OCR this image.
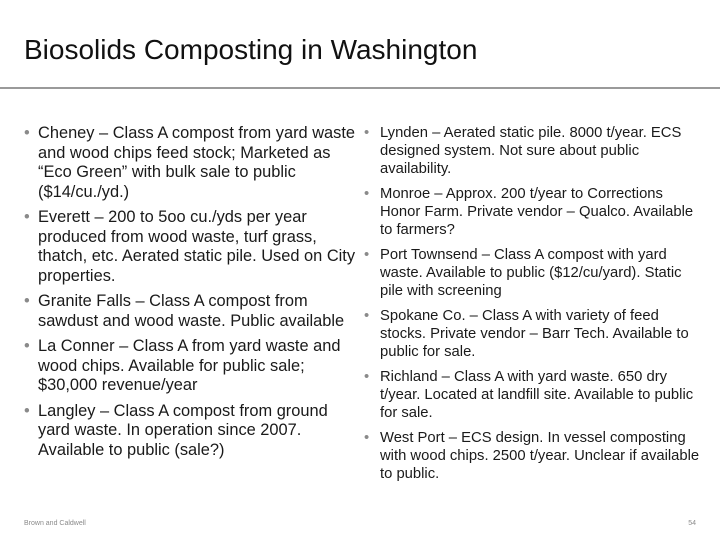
Biosolids Composting in Washington
• Cheney – Class A compost from yard waste and wood chips feed stock; Marketed as “Eco Green” with bulk sale to public ($14/cu./yd.)
• Everett – 200 to 5oo cu./yds per year produced from wood waste, turf grass, thatch, etc. Aerated static pile. Used on City properties.
• Granite Falls – Class A compost from sawdust and wood waste. Public available
• La Conner – Class A from yard waste and wood chips. Available for public sale; $30,000 revenue/year
• Langley – Class A compost from ground yard waste. In operation since 2007. Available to public (sale?)
• Lynden – Aerated static pile. 8000 t/year. ECS designed system. Not sure about public availability.
• Monroe – Approx. 200 t/year to Corrections Honor Farm. Private vendor – Qualco. Available to farmers?
• Port Townsend – Class A compost with yard waste. Available to public ($12/cu/yard). Static pile with screening
• Spokane Co. – Class A with variety of feed stocks. Private vendor – Barr Tech. Available to public for sale.
• Richland – Class A with yard waste. 650 dry t/year. Located at landfill site. Available to public for sale.
• West Port – ECS design. In vessel composting with wood chips. 2500 t/year. Unclear if available to public.
Brown and Caldwell	54
